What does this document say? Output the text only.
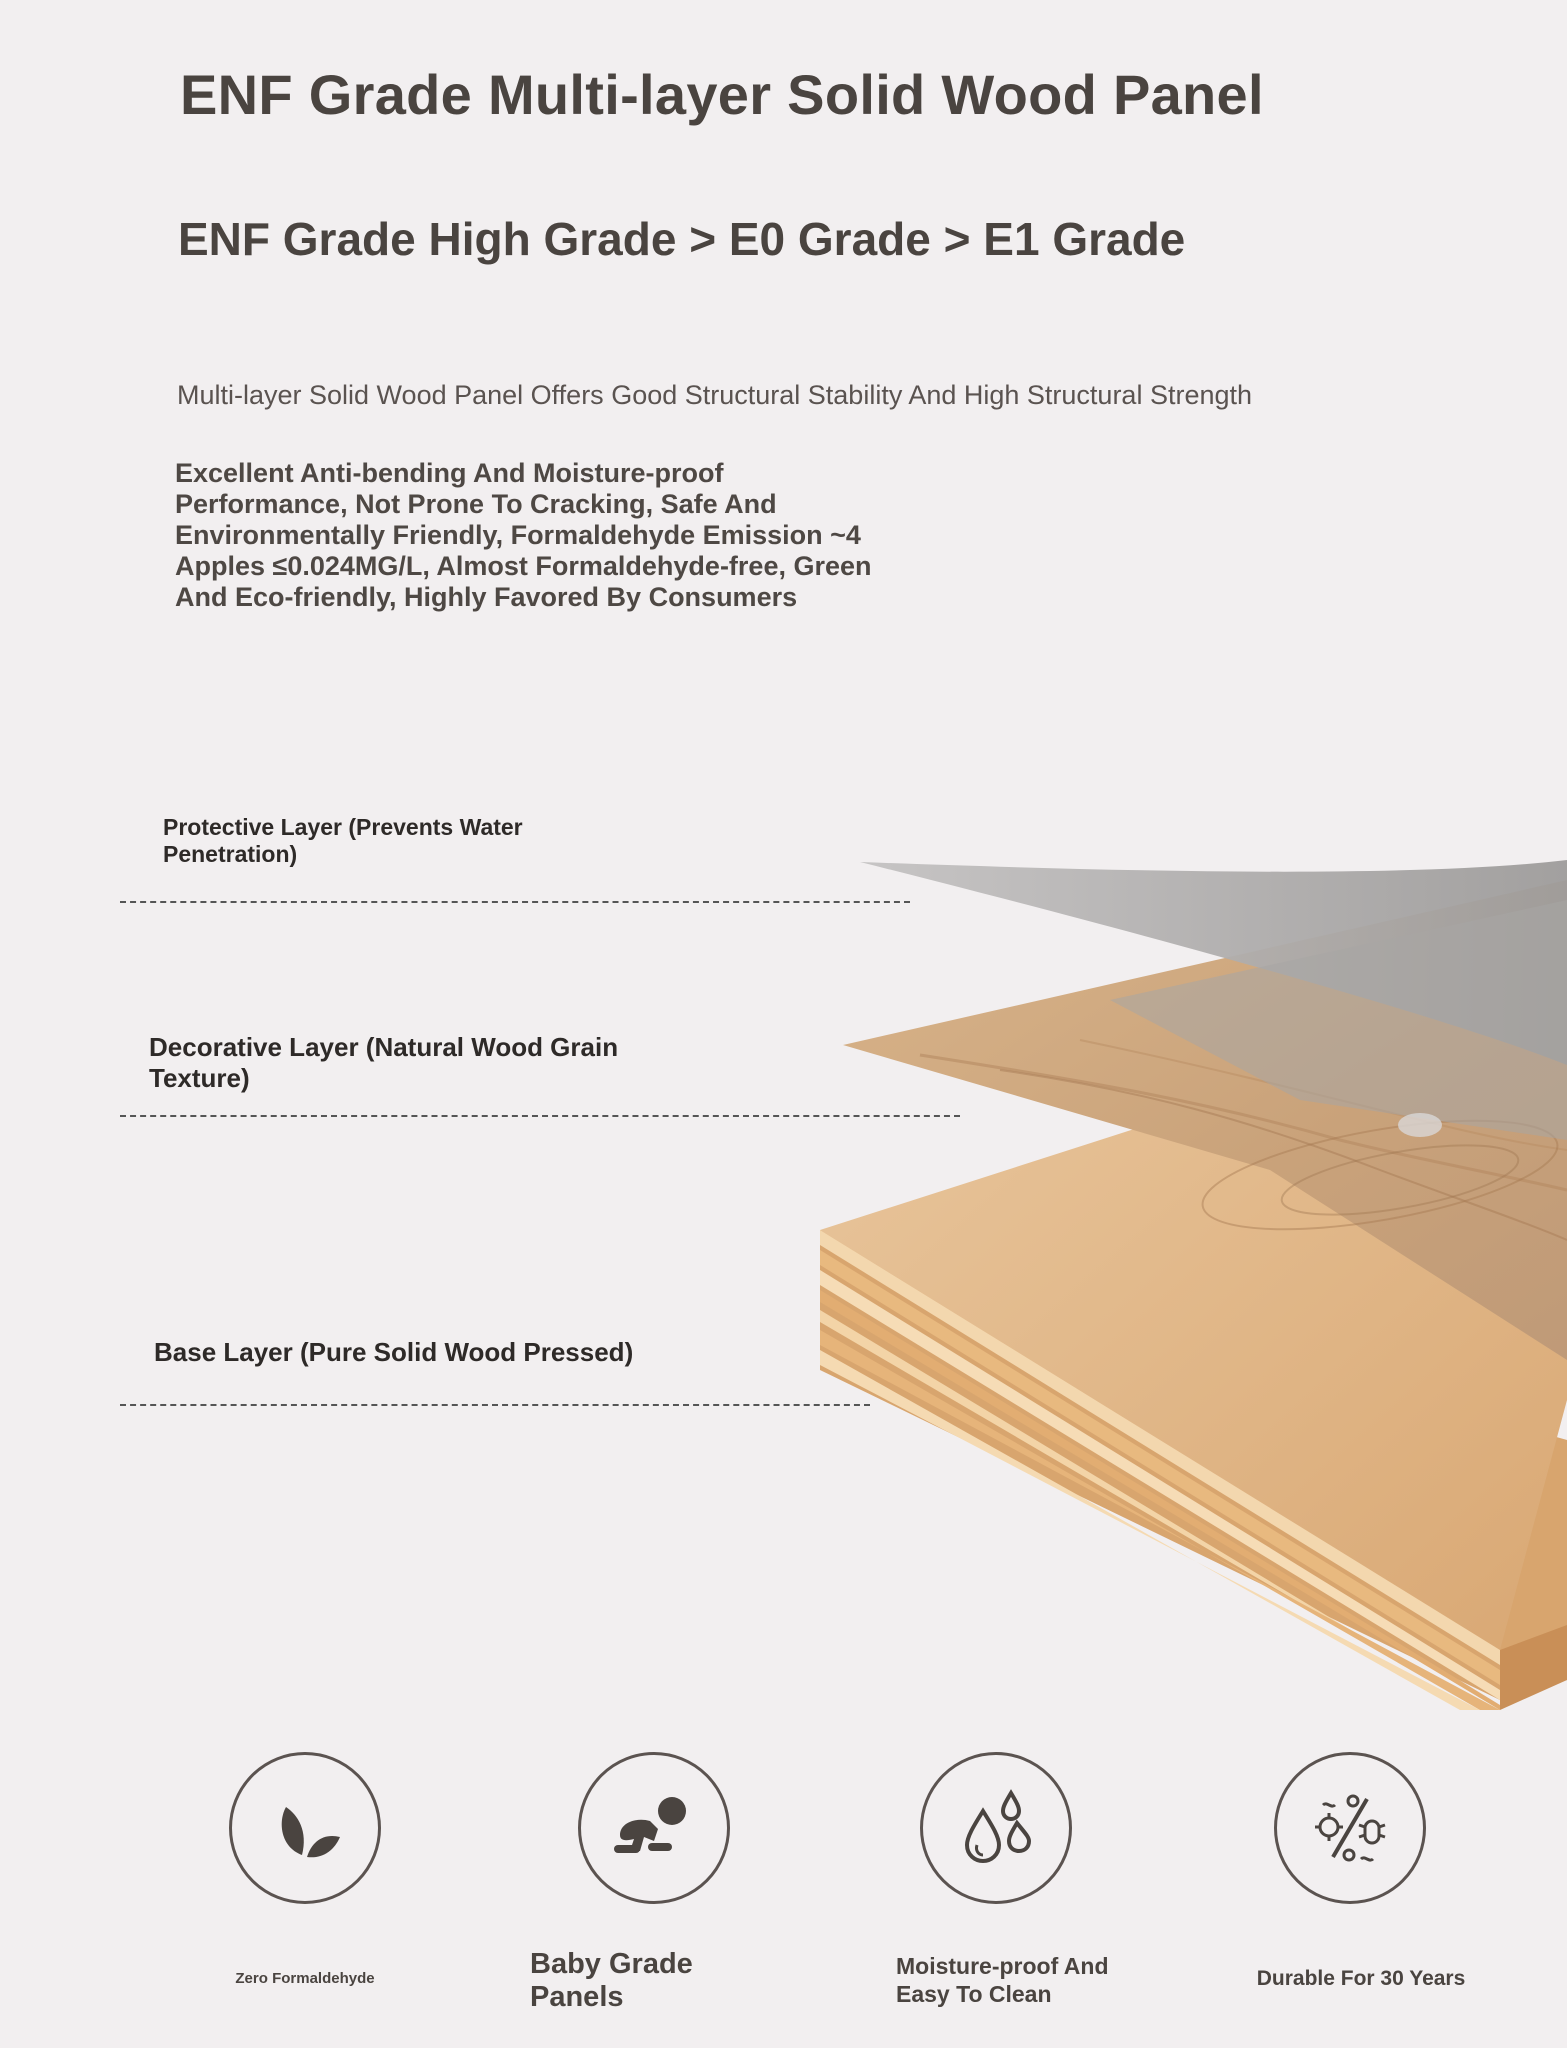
ENF Grade Multi-layer Solid Wood Panel
ENF Grade High Grade > E0 Grade > E1 Grade
Multi-layer Solid Wood Panel Offers Good Structural Stability And High Structural Strength
Excellent Anti-bending And Moisture-proof Performance, Not Prone To Cracking, Safe And Environmentally Friendly, Formaldehyde Emission ~4 Apples ≤0.024MG/L, Almost Formaldehyde-free, Green And Eco-friendly, Highly Favored By Consumers
Protective Layer (Prevents Water Penetration)
Decorative Layer (Natural Wood Grain Texture)
Base Layer (Pure Solid Wood Pressed)
Zero Formaldehyde	Baby Grade Panels
Moisture-proof And Easy To Clean
Durable For 30 Years
